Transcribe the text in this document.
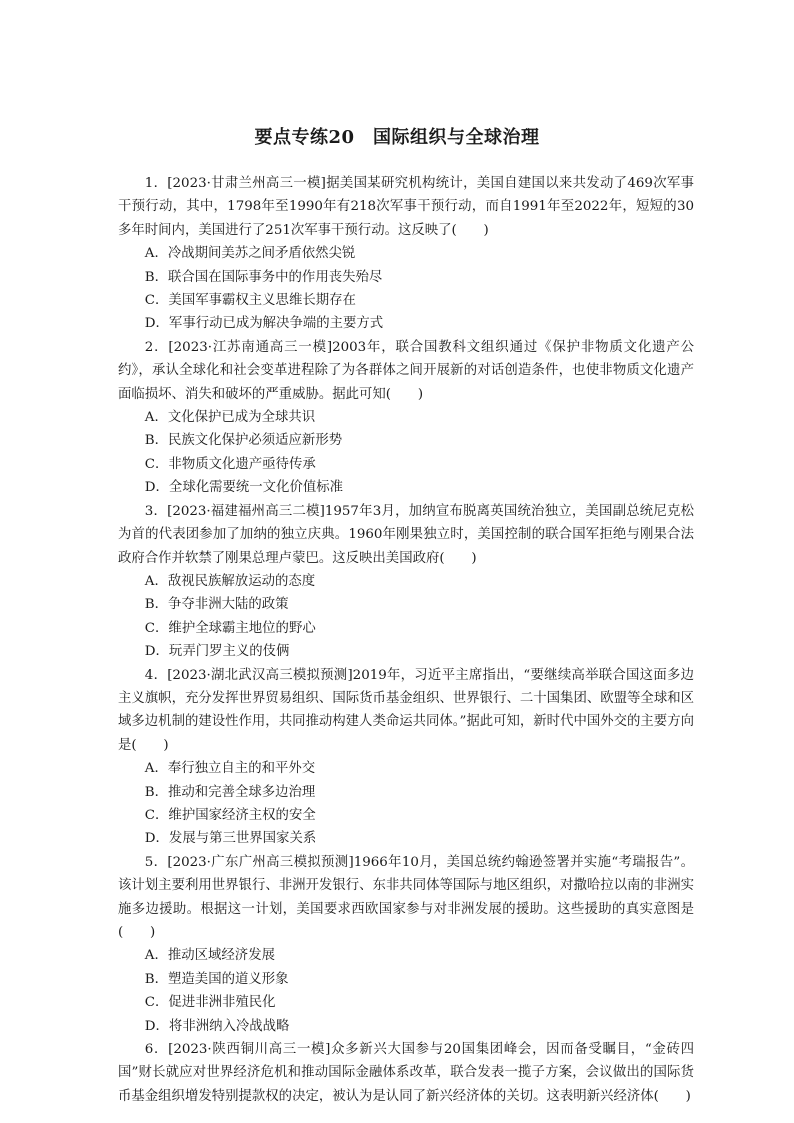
要点专练20　国际组织与全球治理

1．[2023·甘肃兰州高三一模]据美国某研究机构统计，美国自建国以来共发动了469次军事干预行动，其中，1798年至1990年有218次军事干预行动，而自1991年至2022年，短短的30多年时间内，美国进行了251次军事干预行动。这反映了(　　)

A．冷战期间美苏之间矛盾依然尖锐

B．联合国在国际事务中的作用丧失殆尽

C．美国军事霸权主义思维长期存在

D．军事行动已成为解决争端的主要方式

2．[2023·江苏南通高三一模]2003年，联合国教科文组织通过《保护非物质文化遗产公约》，承认全球化和社会变革进程除了为各群体之间开展新的对话创造条件，也使非物质文化遗产面临损坏、消失和破坏的严重威胁。据此可知(　　)

A．文化保护已成为全球共识

B．民族文化保护必须适应新形势

C．非物质文化遗产亟待传承

D．全球化需要统一文化价值标准

3．[2023·福建福州高三二模]1957年3月，加纳宣布脱离英国统治独立，美国副总统尼克松为首的代表团参加了加纳的独立庆典。1960年刚果独立时，美国控制的联合国军拒绝与刚果合法政府合作并软禁了刚果总理卢蒙巴。这反映出美国政府(　　)

A．敌视民族解放运动的态度

B．争夺非洲大陆的政策

C．维护全球霸主地位的野心

D．玩弄门罗主义的伎俩

4．[2023·湖北武汉高三模拟预测]2019年，习近平主席指出，“要继续高举联合国这面多边主义旗帜，充分发挥世界贸易组织、国际货币基金组织、世界银行、二十国集团、欧盟等全球和区域多边机制的建设性作用，共同推动构建人类命运共同体。”据此可知，新时代中国外交的主要方向是(　　)

A．奉行独立自主的和平外交

B．推动和完善全球多边治理

C．维护国家经济主权的安全

D．发展与第三世界国家关系

5．[2023·广东广州高三模拟预测]1966年10月，美国总统约翰逊签署并实施“考瑞报告”。该计划主要利用世界银行、非洲开发银行、东非共同体等国际与地区组织，对撒哈拉以南的非洲实施多边援助。根据这一计划，美国要求西欧国家参与对非洲发展的援助。这些援助的真实意图是(　　)

A．推动区域经济发展

B．塑造美国的道义形象

C．促进非洲非殖民化

D．将非洲纳入冷战战略

6．[2023·陕西铜川高三一模]众多新兴大国参与20国集团峰会，因而备受瞩目，“金砖四国”财长就应对世界经济危机和推动国际金融体系改革，联合发表一揽子方案，会议做出的国际货币基金组织增发特别提款权的决定，被认为是认同了新兴经济体的关切。这表明新兴经济体(　　)
